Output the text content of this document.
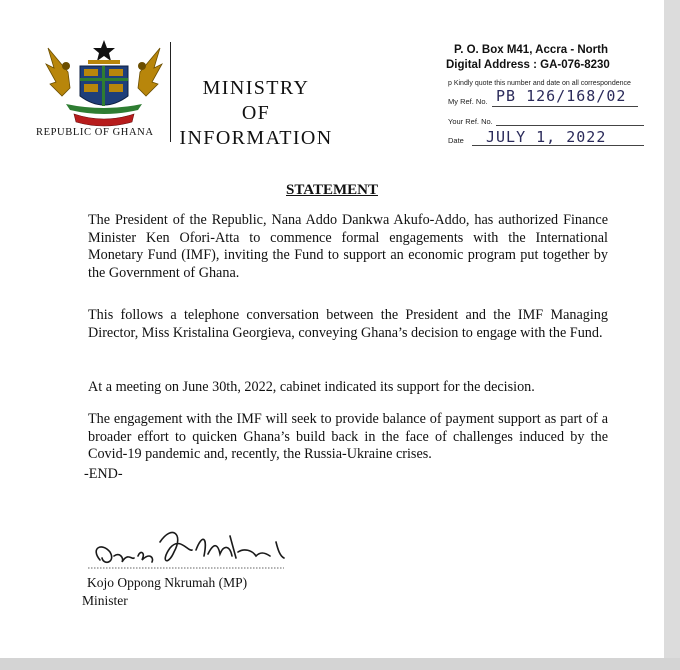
REPUBLIC OF GHANA
MINISTRY
OF
INFORMATION
P. O. Box M41, Accra - North
Digital Address : GA-076-8230
p Kindly quote this number and date on all correspondence
My Ref. No. PB 126/168/02
Your Ref. No.
Date JULY 1, 2022
STATEMENT
The President of the Republic, Nana Addo Dankwa Akufo-Addo, has authorized Finance Minister Ken Ofori-Atta to commence formal engagements with the International Monetary Fund (IMF), inviting the Fund to support an economic program put together by the Government of Ghana.
This follows a telephone conversation between the President and the IMF Managing Director, Miss Kristalina Georgieva, conveying Ghana’s decision to engage with the Fund.
At a meeting on June 30th, 2022, cabinet indicated its support for the decision.
The engagement with the IMF will seek to provide balance of payment support as part of a broader effort to quicken Ghana’s build back in the face of challenges induced by the Covid-19 pandemic and, recently, the Russia-Ukraine crises.
-END-
Kojo Oppong Nkrumah (MP)
Minister
